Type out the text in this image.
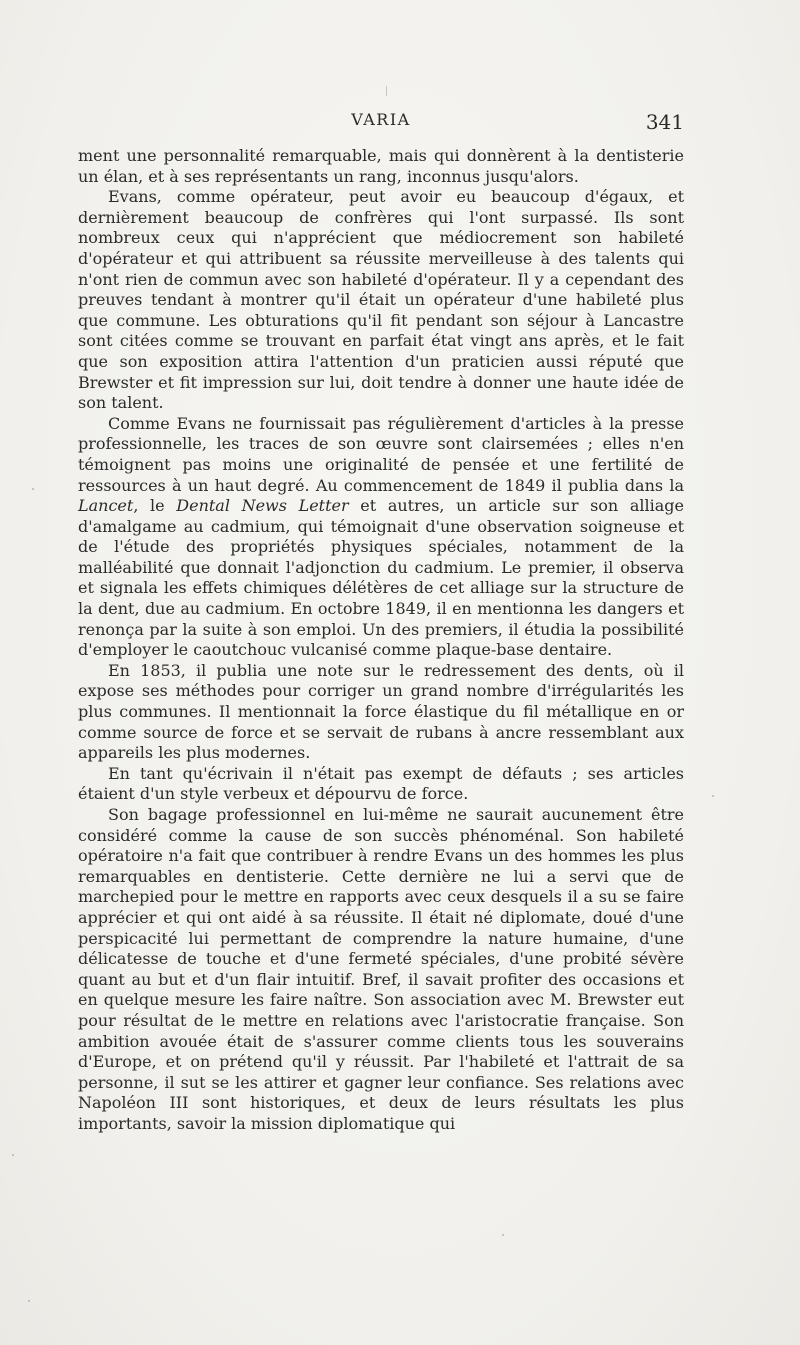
VARIA	341

ment une personnalité remarquable, mais qui donnèrent à la dentisterie un élan, et à ses représentants un rang, inconnus jusqu'alors.

Evans, comme opérateur, peut avoir eu beaucoup d'égaux, et dernièrement beaucoup de confrères qui l'ont surpassé. Ils sont nombreux ceux qui n'apprécient que médiocrement son habileté d'opérateur et qui attribuent sa réussite merveilleuse à des talents qui n'ont rien de commun avec son habileté d'opérateur. Il y a cependant des preuves tendant à montrer qu'il était un opérateur d'une habileté plus que commune. Les obturations qu'il fit pendant son séjour à Lancastre sont citées comme se trouvant en parfait état vingt ans après, et le fait que son exposition attira l'attention d'un praticien aussi réputé que Brewster et fit impression sur lui, doit tendre à donner une haute idée de son talent.

Comme Evans ne fournissait pas régulièrement d'articles à la presse professionnelle, les traces de son œuvre sont clairsemées ; elles n'en témoignent pas moins une originalité de pensée et une fertilité de ressources à un haut degré. Au commencement de 1849 il publia dans la Lancet, le Dental News Letter et autres, un article sur son alliage d'amalgame au cadmium, qui témoignait d'une observation soigneuse et de l'étude des propriétés physiques spéciales, notamment de la malléabilité que donnait l'adjonction du cadmium. Le premier, il observa et signala les effets chimiques délétères de cet alliage sur la structure de la dent, due au cadmium. En octobre 1849, il en mentionna les dangers et renonça par la suite à son emploi. Un des premiers, il étudia la possibilité d'employer le caoutchouc vulcanisé comme plaque-base dentaire.

En 1853, il publia une note sur le redressement des dents, où il expose ses méthodes pour corriger un grand nombre d'irrégularités les plus communes. Il mentionnait la force élastique du fil métallique en or comme source de force et se servait de rubans à ancre ressemblant aux appareils les plus modernes.

En tant qu'écrivain il n'était pas exempt de défauts ; ses articles étaient d'un style verbeux et dépourvu de force.

Son bagage professionnel en lui-même ne saurait aucunement être considéré comme la cause de son succès phénoménal. Son habileté opératoire n'a fait que contribuer à rendre Evans un des hommes les plus remarquables en dentisterie. Cette dernière ne lui a servi que de marchepied pour le mettre en rapports avec ceux desquels il a su se faire apprécier et qui ont aidé à sa réussite. Il était né diplomate, doué d'une perspicacité lui permettant de comprendre la nature humaine, d'une délicatesse de touche et d'une fermeté spéciales, d'une probité sévère quant au but et d'un flair intuitif. Bref, il savait profiter des occasions et en quelque mesure les faire naître. Son association avec M. Brewster eut pour résultat de le mettre en relations avec l'aristocratie française. Son ambition avouée était de s'assurer comme clients tous les souverains d'Europe, et on prétend qu'il y réussit. Par l'habileté et l'attrait de sa personne, il sut se les attirer et gagner leur confiance. Ses relations avec Napoléon III sont historiques, et deux de leurs résultats les plus importants, savoir la mission diplomatique qui
